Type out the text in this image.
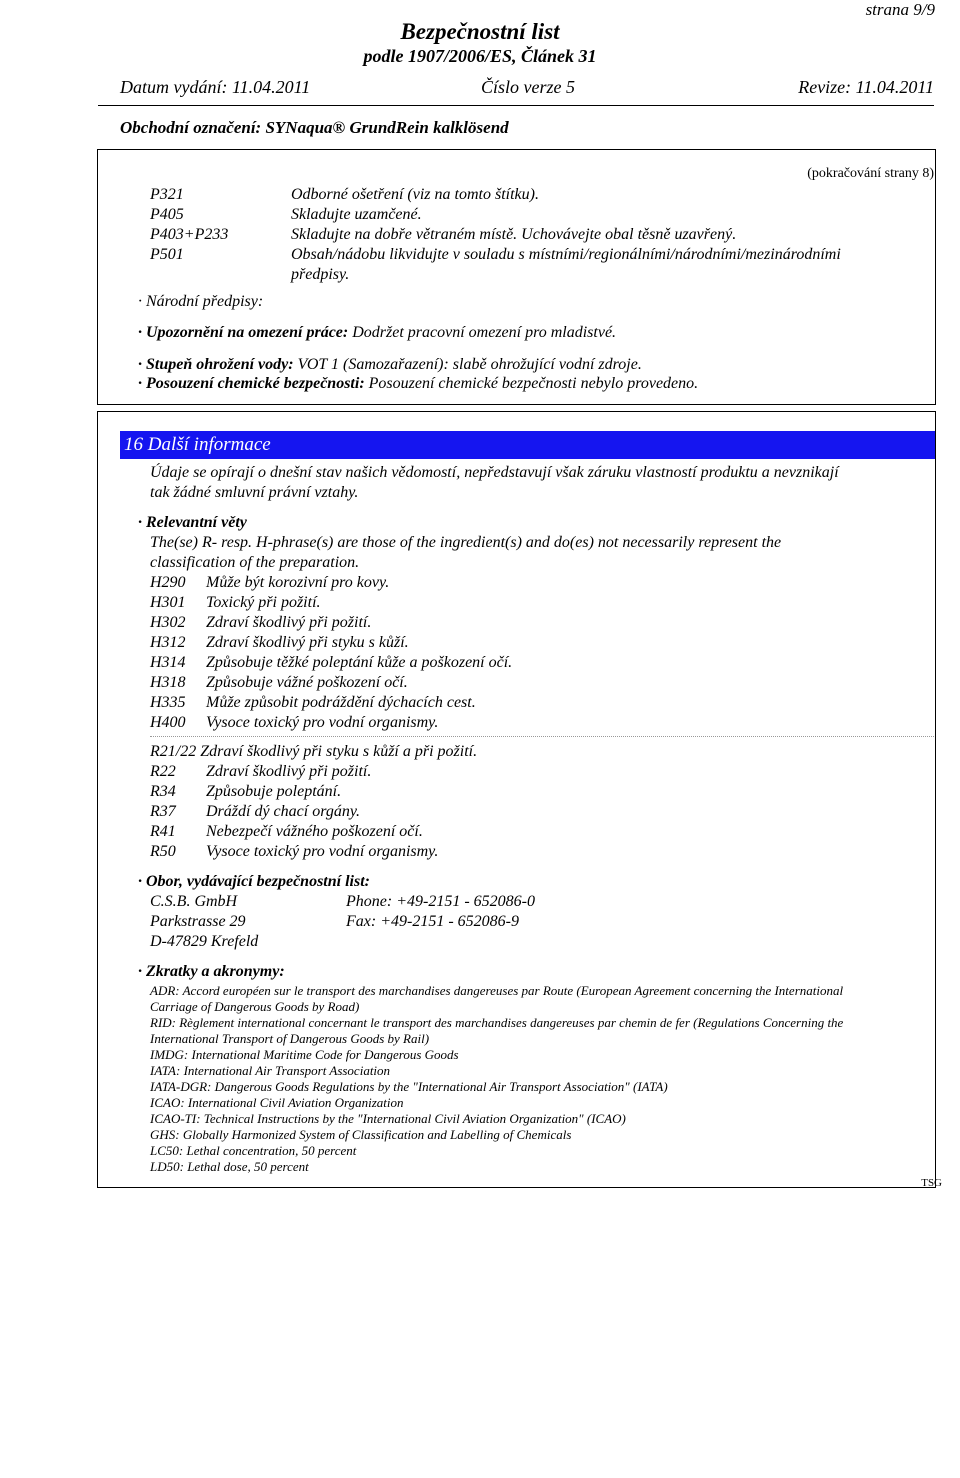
strana 9/9
Bezpečnostní list
podle 1907/2006/ES, Článek 31
Datum vydání: 11.04.2011	Číslo verze 5	Revize: 11.04.2011
Obchodní označení: SYNaqua® GrundRein kalklösend
(pokračování strany 8)
P321	Odborné ošetření (viz na tomto štítku).
P405	Skladujte uzamčené.
P403+P233	Skladujte na dobře větraném místě. Uchovávejte obal těsně uzavřený.
P501	Obsah/nádobu likvidujte v souladu s místními/regionálními/národními/mezinárodními
předpisy.
· Národní předpisy:
· Upozornění na omezení práce: Dodržet pracovní omezení pro mladistvé.
· Stupeň ohrožení vody: VOT 1 (Samozařazení): slabě ohrožující vodní zdroje.
· Posouzení chemické bezpečnosti: Posouzení chemické bezpečnosti nebylo provedeno.
16 Další informace
Údaje se opírají o dnešní stav našich vědomostí, nepředstavují však záruku vlastností produktu a nevznikají
tak žádné smluvní právní vztahy.
· Relevantní věty
The(se) R- resp. H-phrase(s) are those of the ingredient(s) and do(es) not necessarily represent the
classification of the preparation.
H290 Může být korozivní pro kovy.
H301 Toxický při požití.
H302 Zdraví škodlivý při požití.
H312 Zdraví škodlivý při styku s kůží.
H314 Způsobuje těžké poleptání kůže a poškození očí.
H318 Způsobuje vážné poškození očí.
H335 Může způsobit podráždění dýchacích cest.
H400 Vysoce toxický pro vodní organismy.
R21/22 Zdraví škodlivý při styku s kůží a při požití.
R22 Zdraví škodlivý při požití.
R34 Způsobuje poleptání.
R37 Dráždí dý chací orgány.
R41 Nebezpečí vážného poškození očí.
R50 Vysoce toxický pro vodní organismy.
· Obor, vydávající bezpečnostní list:
C.S.B. GmbH	Phone: +49-2151 - 652086-0
Parkstrasse 29	Fax: +49-2151 - 652086-9
D-47829 Krefeld
· Zkratky a akronymy:
ADR: Accord européen sur le transport des marchandises dangereuses par Route (European Agreement concerning the International
Carriage of Dangerous Goods by Road)
RID: Règlement international concernant le transport des marchandises dangereuses par chemin de fer (Regulations Concerning the
International Transport of Dangerous Goods by Rail)
IMDG: International Maritime Code for Dangerous Goods
IATA: International Air Transport Association
IATA-DGR: Dangerous Goods Regulations by the "International Air Transport Association" (IATA)
ICAO: International Civil Aviation Organization
ICAO-TI: Technical Instructions by the "International Civil Aviation Organization" (ICAO)
GHS: Globally Harmonized System of Classification and Labelling of Chemicals
LC50: Lethal concentration, 50 percent
LD50: Lethal dose, 50 percent
TSG
